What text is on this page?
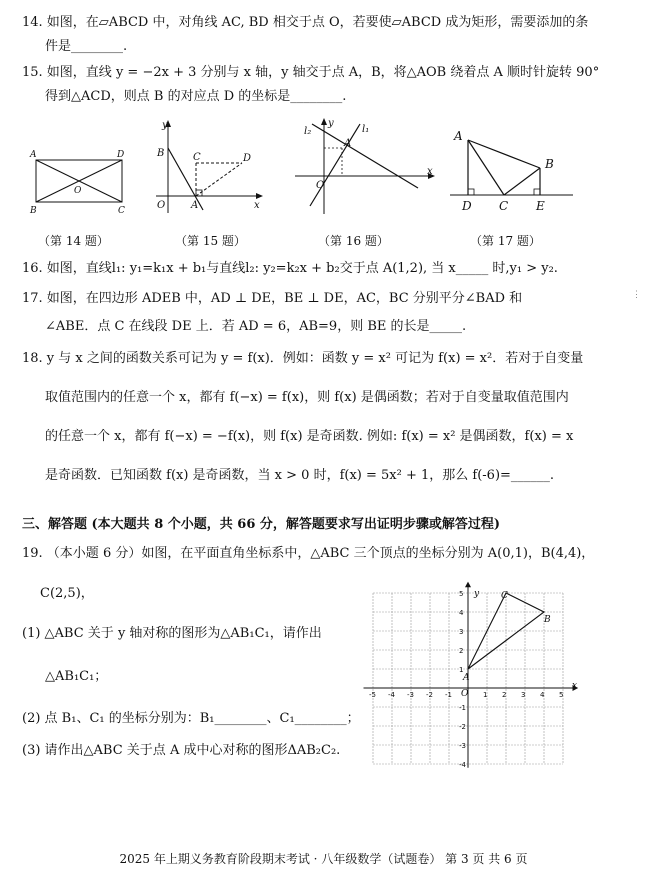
14. 如图，在▱ABCD 中，对角线 AC, BD 相交于点 O，若要使▱ABCD 成为矩形，需要添加的条
件是________.
15. 如图，直线 y = −2x + 3 分别与 x 轴，y 轴交于点 A，B，将△AOB 绕着点 A 顺时针旋转 90°
得到△ACD，则点 B 的对应点 D 的坐标是________.
A	D
B	C
O
（第 14 题）
y
x
B	C	D
O	A
（第 15 题）
l₂	l₁
y
x
A
O
（第 16 题）
A
B
D C E
（第 17 题）
16. 如图，直线l₁: y₁=k₁x + b₁与直线l₂: y₂=k₂x + b₂交于点 A(1,2), 当 x_____ 时,y₁ > y₂.
17. 如图，在四边形 ADEB 中，AD ⊥ DE，BE ⊥ DE，AC，BC 分别平分∠BAD 和
∠ABE．点 C 在线段 DE 上．若 AD = 6，AB=9，则 BE 的长是_____.
⋮
18. y 与 x 之间的函数关系可记为 y = f(x)．例如：函数 y = x² 可记为 f(x) = x²．若对于自变量
取值范围内的任意一个 x，都有 f(−x) = f(x)，则 f(x) 是偶函数；若对于自变量取值范围内
的任意一个 x，都有 f(−x) = −f(x)，则 f(x) 是奇函数. 例如: f(x) = x² 是偶函数，f(x) = x
是奇函数．已知函数 f(x) 是奇函数，当 x > 0 时，f(x) = 5x² + 1，那么 f(-6)=______.
三、解答题 (本大题共 8 个小题，共 66 分，解答题要求写出证明步骤或解答过程)
19. （本小题 6 分）如图，在平面直角坐标系中，△ABC 三个顶点的坐标分别为 A(0,1)，B(4,4)，
C(2,5)，
(1) △ABC 关于 y 轴对称的图形为△AB₁C₁，请作出
△AB₁C₁；
(2) 点 B₁、C₁ 的坐标分别为：B₁________、C₁________；
(3) 请作出△ABC 关于点 A 成中心对称的图形ΔAB₂C₂.
-5 -4 -3 -2 -1	1 2 3 4 5
5
4
3
2
1
-1
-2
-3
-4
x
y
O
A
B
C
2025 年上期义务教育阶段期末考试 · 八年级数学（试题卷） 第 3 页 共 6 页
